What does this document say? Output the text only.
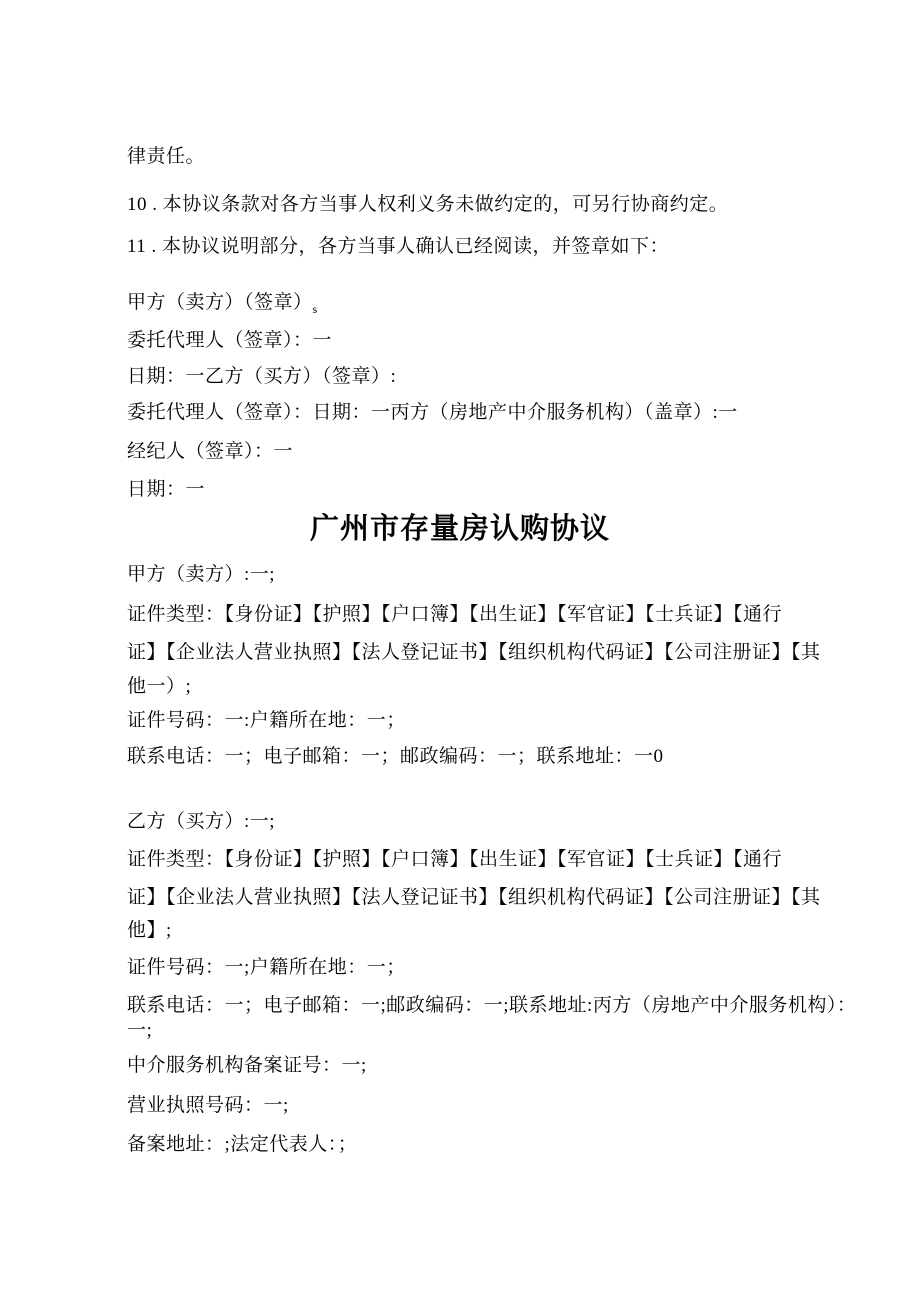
律责任。

10 . 本协议条款对各方当事人权利义务未做约定的，可另行协商约定。

11 . 本协议说明部分，各方当事人确认已经阅读，并签章如下：

甲方（卖方）（签章）$_s$

委托代理人（签章）：一

日期：一乙方（买方）（签章）:

委托代理人（签章）：日期：一丙方（房地产中介服务机构）（盖章）:一

经纪人（签章）：一

日期：一

广州市存量房认购协议

甲方（卖方）:一;

证件类型：【身份证】【护照】【户口簿】【出生证】【军官证】【士兵证】【通行

证】【企业法人营业执照】【法人登记证书】【组织机构代码证】【公司注册证】【其

他一）;

证件号码：一:户籍所在地：一；

联系电话：一；电子邮箱：一；邮政编码：一；联系地址：一0

乙方（买方）:一;

证件类型：【身份证】【护照】【户口簿】【出生证】【军官证】【士兵证】【通行

证】【企业法人营业执照】【法人登记证书】【组织机构代码证】【公司注册证】【其

他】;

证件号码：一;户籍所在地：一；

联系电话：一；电子邮箱：一;邮政编码：一;联系地址:丙方（房地产中介服务机构）：

一;

中介服务机构备案证号：一;

营业执照号码：一;

备案地址：;法定代表人：；
